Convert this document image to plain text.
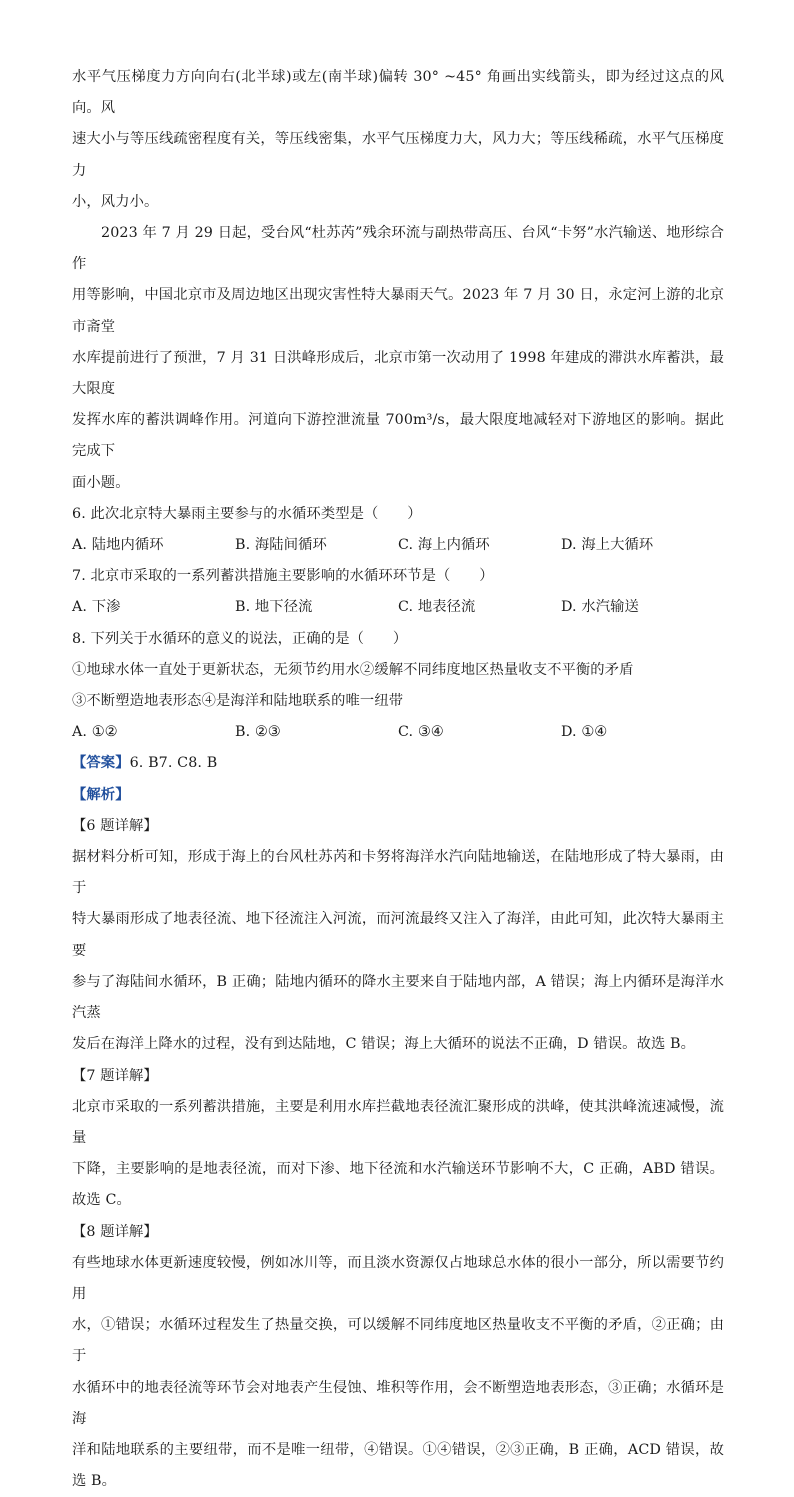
水平气压梯度力方向向右(北半球)或左(南半球)偏转 30° ~45° 角画出实线箭头，即为经过这点的风向。风

速大小与等压线疏密程度有关，等压线密集，水平气压梯度力大，风力大；等压线稀疏，水平气压梯度力

小，风力小。

2023 年 7 月 29 日起，受台风“杜苏芮”残余环流与副热带高压、台风“卡努”水汽输送、地形综合作

用等影响，中国北京市及周边地区出现灾害性特大暴雨天气。2023 年 7 月 30 日，永定河上游的北京市斋堂

水库提前进行了预泄，7 月 31 日洪峰形成后，北京市第一次动用了 1998 年建成的滞洪水库蓄洪，最大限度

发挥水库的蓄洪调峰作用。河道向下游控泄流量 700m³/s，最大限度地减轻对下游地区的影响。据此完成下

面小题。

6. 此次北京特大暴雨主要参与的水循环类型是（　　）

A. 陆地内循环	B. 海陆间循环	C. 海上内循环	D. 海上大循环

7. 北京市采取的一系列蓄洪措施主要影响的水循环环节是（　　）

A. 下渗	B. 地下径流	C. 地表径流	D. 水汽输送

8. 下列关于水循环的意义的说法，正确的是（　　）

①地球水体一直处于更新状态，无须节约用水②缓解不同纬度地区热量收支不平衡的矛盾

③不断塑造地表形态④是海洋和陆地联系的唯一纽带

A. ①②	B. ②③	C. ③④	D. ①④

【答案】6. B7. C8. B

【解析】

【6 题详解】

据材料分析可知，形成于海上的台风杜苏芮和卡努将海洋水汽向陆地输送，在陆地形成了特大暴雨，由于

特大暴雨形成了地表径流、地下径流注入河流，而河流最终又注入了海洋，由此可知，此次特大暴雨主要

参与了海陆间水循环，B 正确；陆地内循环的降水主要来自于陆地内部，A 错误；海上内循环是海洋水汽蒸

发后在海洋上降水的过程，没有到达陆地，C 错误；海上大循环的说法不正确，D 错误。故选 B。

【7 题详解】

北京市采取的一系列蓄洪措施，主要是利用水库拦截地表径流汇聚形成的洪峰，使其洪峰流速减慢，流量

下降，主要影响的是地表径流，而对下渗、地下径流和水汽输送环节影响不大，C 正确，ABD 错误。故选 C。

【8 题详解】

有些地球水体更新速度较慢，例如冰川等，而且淡水资源仅占地球总水体的很小一部分，所以需要节约用

水，①错误；水循环过程发生了热量交换，可以缓解不同纬度地区热量收支不平衡的矛盾，②正确；由于

水循环中的地表径流等环节会对地表产生侵蚀、堆积等作用，会不断塑造地表形态，③正确；水循环是海

洋和陆地联系的主要纽带，而不是唯一纽带，④错误。①④错误，②③正确，B 正确，ACD 错误，故选 B。
